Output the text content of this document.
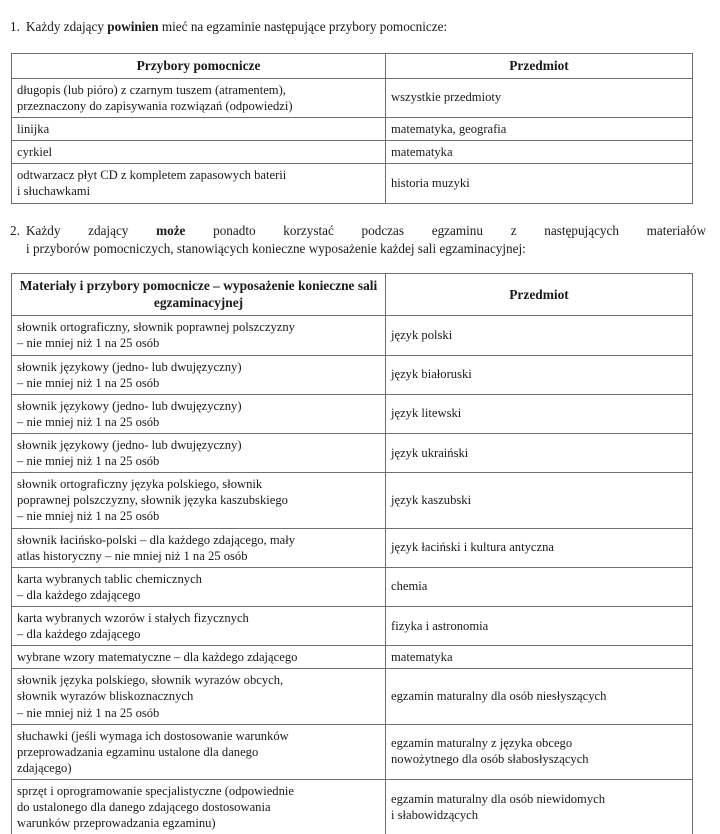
1. Każdy zdający powinien mieć na egzaminie następujące przybory pomocnicze:
Przybory pomocnicze	Przedmiot

długopis (lub pióro) z czarnym tuszem (atramentem),
przeznaczony do zapisywania rozwiązań (odpowiedzi)	wszystkie przedmioty

linijka	matematyka, geografia

cyrkiel	matematyka

odtwarzacz płyt CD z kompletem zapasowych baterii
i słuchawkami	historia muzyki
2. Każdy zdający może ponadto korzystać podczas egzaminu z następujących materiałów
i przyborów pomocniczych, stanowiących konieczne wyposażenie każdej sali egzaminacyjnej:
Materiały i przybory pomocnicze – wyposażenie konieczne sali egzaminacyjnej	Przedmiot

słownik ortograficzny, słownik poprawnej polszczyzny
– nie mniej niż 1 na 25 osób	język polski

słownik językowy (jedno- lub dwujęzyczny)
– nie mniej niż 1 na 25 osób	język białoruski

słownik językowy (jedno- lub dwujęzyczny)
– nie mniej niż 1 na 25 osób	język litewski

słownik językowy (jedno- lub dwujęzyczny)
– nie mniej niż 1 na 25 osób	język ukraiński

słownik ortograficzny języka polskiego, słownik
poprawnej polszczyzny, słownik języka kaszubskiego
– nie mniej niż 1 na 25 osób	język kaszubski

słownik łacińsko-polski – dla każdego zdającego, mały
atlas historyczny – nie mniej niż 1 na 25 osób	język łaciński i kultura antyczna

karta wybranych tablic chemicznych
– dla każdego zdającego	chemia

karta wybranych wzorów i stałych fizycznych
– dla każdego zdającego	fizyka i astronomia

wybrane wzory matematyczne – dla każdego zdającego	matematyka

słownik języka polskiego, słownik wyrazów obcych,
słownik wyrazów bliskoznacznych
– nie mniej niż 1 na 25 osób	egzamin maturalny dla osób niesłyszących

słuchawki (jeśli wymaga ich dostosowanie warunków
przeprowadzania egzaminu ustalone dla danego
zdającego)	egzamin maturalny z języka obcego
nowożytnego dla osób słabosłyszących

sprzęt i oprogramowanie specjalistyczne (odpowiednie
do ustalonego dla danego zdającego dostosowania
warunków przeprowadzania egzaminu)	egzamin maturalny dla osób niewidomych
i słabowidzących
